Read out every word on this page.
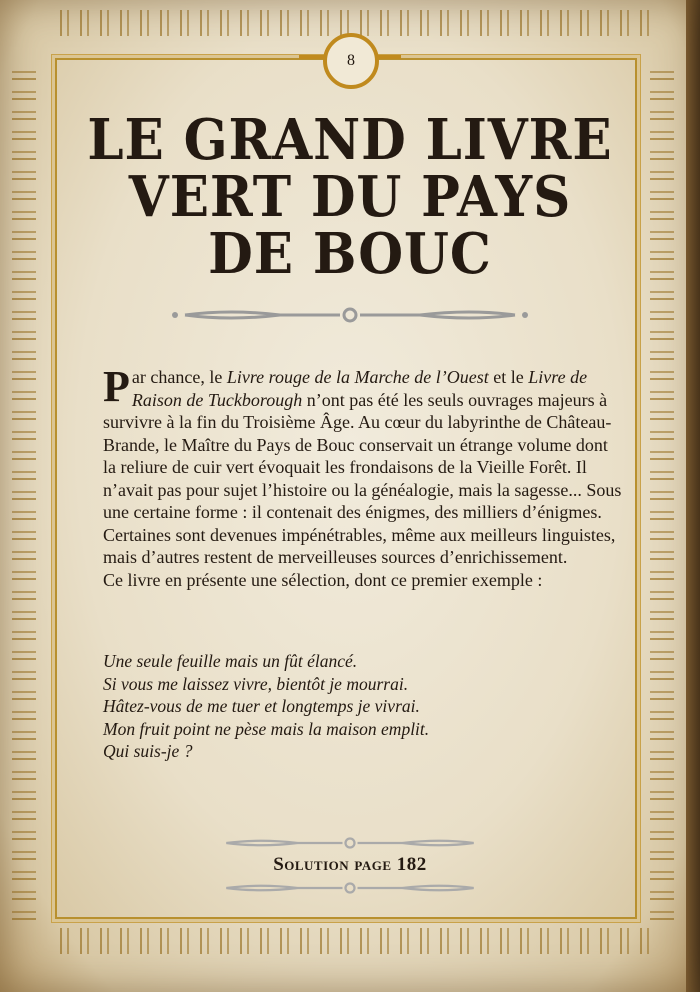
8
LE GRAND LIVRE
VERT DU PAYS
DE BOUC

Par chance, le Livre rouge de la Marche de l’Ouest et le Livre de Raison de Tuckborough n’ont pas été les seuls ouvrages majeurs à survivre à la fin du Troisième Âge. Au cœur du labyrinthe de Château-Brande, le Maître du Pays de Bouc conservait un étrange volume dont la reliure de cuir vert évoquait les frondaisons de la Vieille Forêt. Il n’avait pas pour sujet l’histoire ou la généalogie, mais la sagesse... Sous une certaine forme : il contenait des énigmes, des milliers d’énigmes. Certaines sont devenues impénétrables, même aux meilleurs linguistes, mais d’autres restent de merveilleuses sources d’enrichissement.

Ce livre en présente une sélection, dont ce premier exemple :

Une seule feuille mais un fût élancé.
Si vous me laissez vivre, bientôt je mourrai.
Hâtez-vous de me tuer et longtemps je vivrai.
Mon fruit point ne pèse mais la maison emplit.
Qui suis-je ?
Solution page 182
